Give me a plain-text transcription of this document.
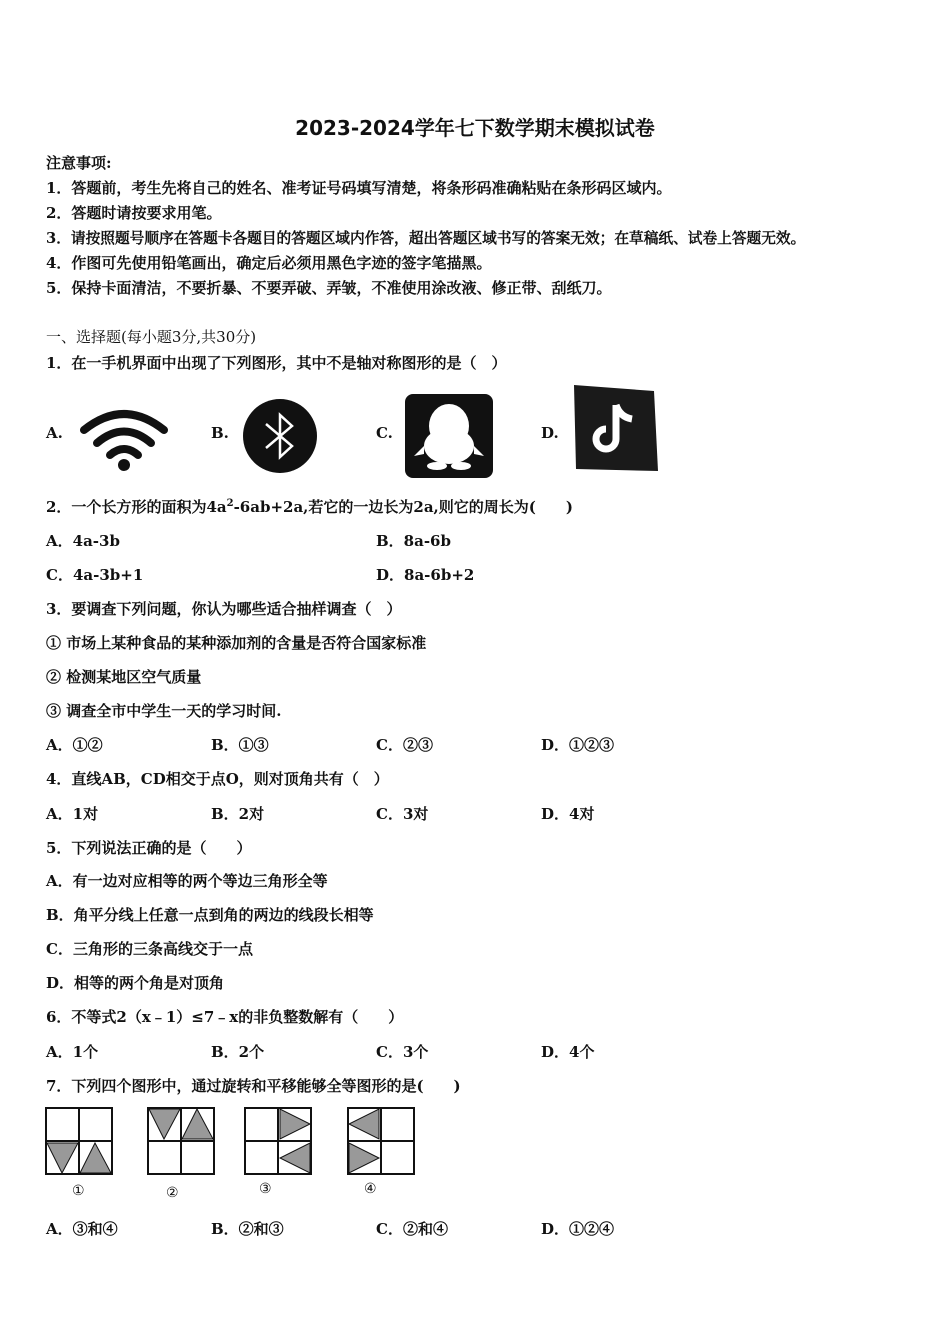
2023-2024学年七下数学期末模拟试卷
注意事项:
1．答题前，考生先将自己的姓名、准考证号码填写清楚，将条形码准确粘贴在条形码区域内。
2．答题时请按要求用笔。
3．请按照题号顺序在答题卡各题目的答题区域内作答，超出答题区域书写的答案无效；在草稿纸、试卷上答题无效。
4．作图可先使用铅笔画出，确定后必须用黑色字迹的签字笔描黑。
5．保持卡面清洁，不要折暴、不要弄破、弄皱，不准使用涂改液、修正带、刮纸刀。
一、选择题(每小题3分,共30分)
1．在一手机界面中出现了下列图形，其中不是轴对称图形的是（　）
A.	B.	C.	D.
2．一个长方形的面积为$4a^2-6ab+2a$,若它的一边长为2a,则它的周长为(　　)
A．4a-3b	B．8a-6b
C．4a-3b+1	D．8a-6b+2
3．要调查下列问题，你认为哪些适合抽样调查（　）
① 市场上某种食品的某种添加剂的含量是否符合国家标准
② 检测某地区空气质量
③ 调查全市中学生一天的学习时间.
A．①②	B．①③	C．②③	D．①②③
4．直线AB，CD相交于点O，则对顶角共有（　）
A．1对	B．2对	C．3对	D．4对
5．下列说法正确的是（　　）
A．有一边对应相等的两个等边三角形全等
B．角平分线上任意一点到角的两边的线段长相等
C．三角形的三条高线交于一点
D．相等的两个角是对顶角
6．不等式2（x﹣1）≤7﹣x的非负整数解有（　　）
A．1个	B．2个	C．3个	D．4个
7．下列四个图形中，通过旋转和平移能够全等图形的是(　　)
①	②	③	④
A．③和④	B．②和③	C．②和④	D．①②④
